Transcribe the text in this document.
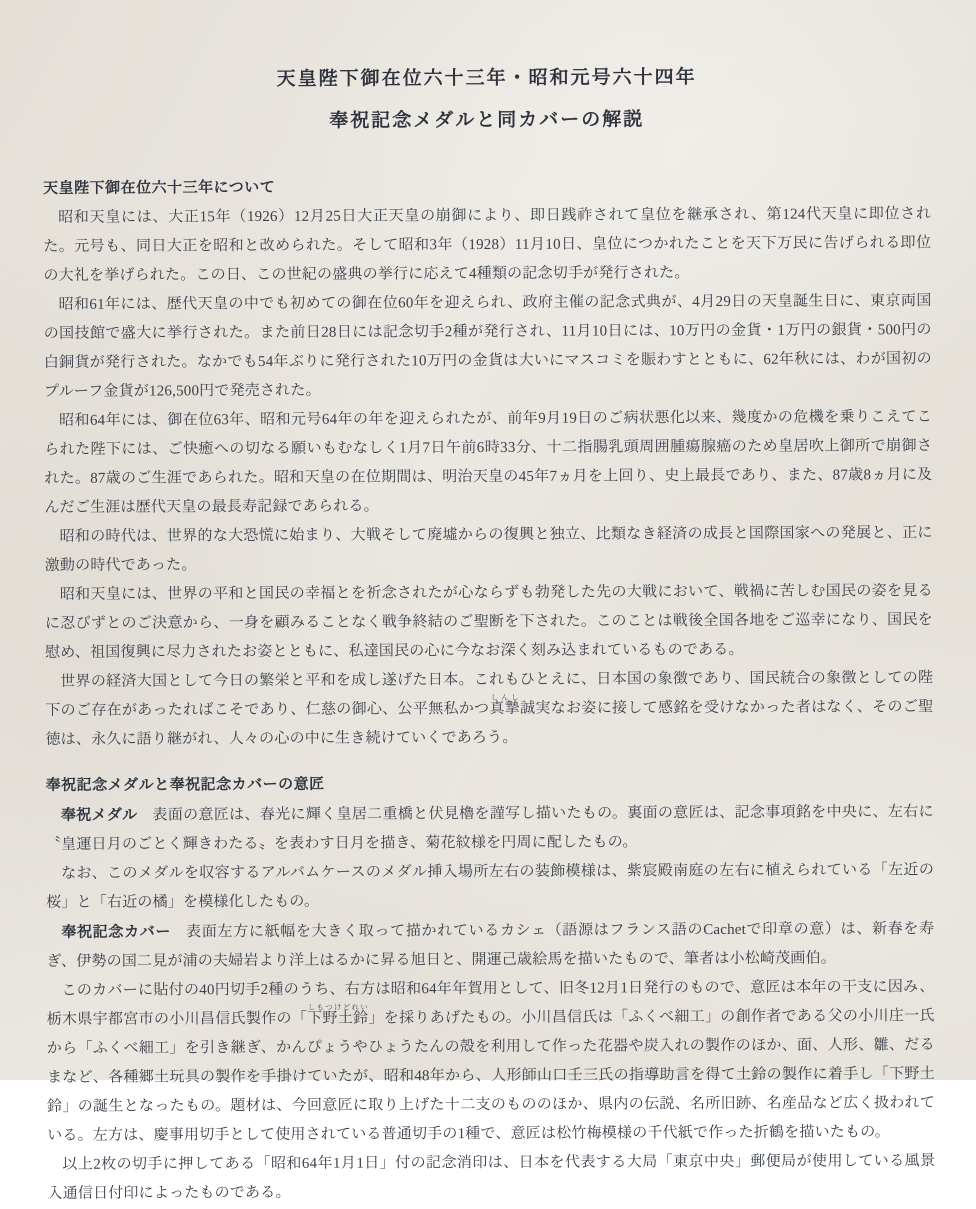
天皇陛下御在位六十三年・昭和元号六十四年

奉祝記念メダルと同カバーの解説

天皇陛下御在位六十三年について

昭和天皇には、大正15年（1926）12月25日大正天皇の崩御により、即日践祚されて皇位を継承され、第124代天皇に即位された。元号も、同日大正を昭和と改められた。そして昭和3年（1928）11月10日、皇位につかれたことを天下万民に告げられる即位の大礼を挙げられた。この日、この世紀の盛典の挙行に応えて4種類の記念切手が発行された。

昭和61年には、歴代天皇の中でも初めての御在位60年を迎えられ、政府主催の記念式典が、4月29日の天皇誕生日に、東京両国の国技館で盛大に挙行された。また前日28日には記念切手2種が発行され、11月10日には、10万円の金貨・1万円の銀貨・500円の白銅貨が発行された。なかでも54年ぶりに発行された10万円の金貨は大いにマスコミを賑わすとともに、62年秋には、わが国初のプルーフ金貨が126,500円で発売された。

昭和64年には、御在位63年、昭和元号64年の年を迎えられたが、前年9月19日のご病状悪化以来、幾度かの危機を乗りこえてこられた陛下には、ご快癒への切なる願いもむなしく1月7日午前6時33分、十二指腸乳頭周囲腫瘍腺癌のため皇居吹上御所で崩御された。87歳のご生涯であられた。昭和天皇の在位期間は、明治天皇の45年7ヵ月を上回り、史上最長であり、また、87歳8ヵ月に及んだご生涯は歴代天皇の最長寿記録であられる。

昭和の時代は、世界的な大恐慌に始まり、大戦そして廃墟からの復興と独立、比類なき経済の成長と国際国家への発展と、正に激動の時代であった。

昭和天皇には、世界の平和と国民の幸福とを祈念されたが心ならずも勃発した先の大戦において、戦禍に苦しむ国民の姿を見るに忍びずとのご決意から、一身を顧みることなく戦争終結のご聖断を下された。このことは戦後全国各地をご巡幸になり、国民を慰め、祖国復興に尽力されたお姿とともに、私達国民の心に今なお深く刻み込まれているものである。

世界の経済大国として今日の繁栄と平和を成し遂げた日本。これもひとえに、日本国の象徴であり、国民統合の象徴としての陛下のご存在があったればこそであり、仁慈の御心、公平無私かつ真摯しんし誠実なお姿に接して感銘を受けなかった者はなく、そのご聖徳は、永久に語り継がれ、人々の心の中に生き続けていくであろう。

奉祝記念メダルと奉祝記念カバーの意匠

奉祝メダル 表面の意匠は、春光に輝く皇居二重橋と伏見櫓を謹写し描いたもの。裏面の意匠は、記念事項銘を中央に、左右に〝皇運日月のごとく輝きわたる〟を表わす日月を描き、菊花紋様を円周に配したもの。

なお、このメダルを収容するアルバムケースのメダル挿入場所左右の装飾模様は、紫宸殿南庭の左右に植えられている「左近の桜」と「右近の橘」を模様化したもの。

奉祝記念カバー 表面左方に紙幅を大きく取って描かれているカシェ（語源はフランス語のCachetで印章の意）は、新春を寿ぎ、伊勢の国二見が浦の夫婦岩より洋上はるかに昇る旭日と、開運己歳絵馬を描いたもので、筆者は小松崎茂画伯。

このカバーに貼付の40円切手2種のうち、右方は昭和64年年賀用として、旧冬12月1日発行のもので、意匠は本年の干支に因み、栃木県宇都宮市の小川昌信氏製作の「下野土鈴しもつけどれい」を採りあげたもの。小川昌信氏は「ふくべ細工」の創作者である父の小川庄一氏から「ふくべ細工」を引き継ぎ、かんぴょうやひょうたんの殻を利用して作った花器や炭入れの製作のほか、面、人形、雛、だるまなど、各種郷土玩具の製作を手掛けていたが、昭和48年から、人形師山口壬三氏の指導助言を得て土鈴の製作に着手し「下野土鈴」の誕生となったもの。題材は、今回意匠に取り上げた十二支のもののほか、県内の伝説、名所旧跡、名産品など広く扱われている。左方は、慶事用切手として使用されている普通切手の1種で、意匠は松竹梅模様の千代紙で作った折鶴を描いたもの。

以上2枚の切手に押してある「昭和64年1月1日」付の記念消印は、日本を代表する大局「東京中央」郵便局が使用している風景入通信日付印によったものである。
